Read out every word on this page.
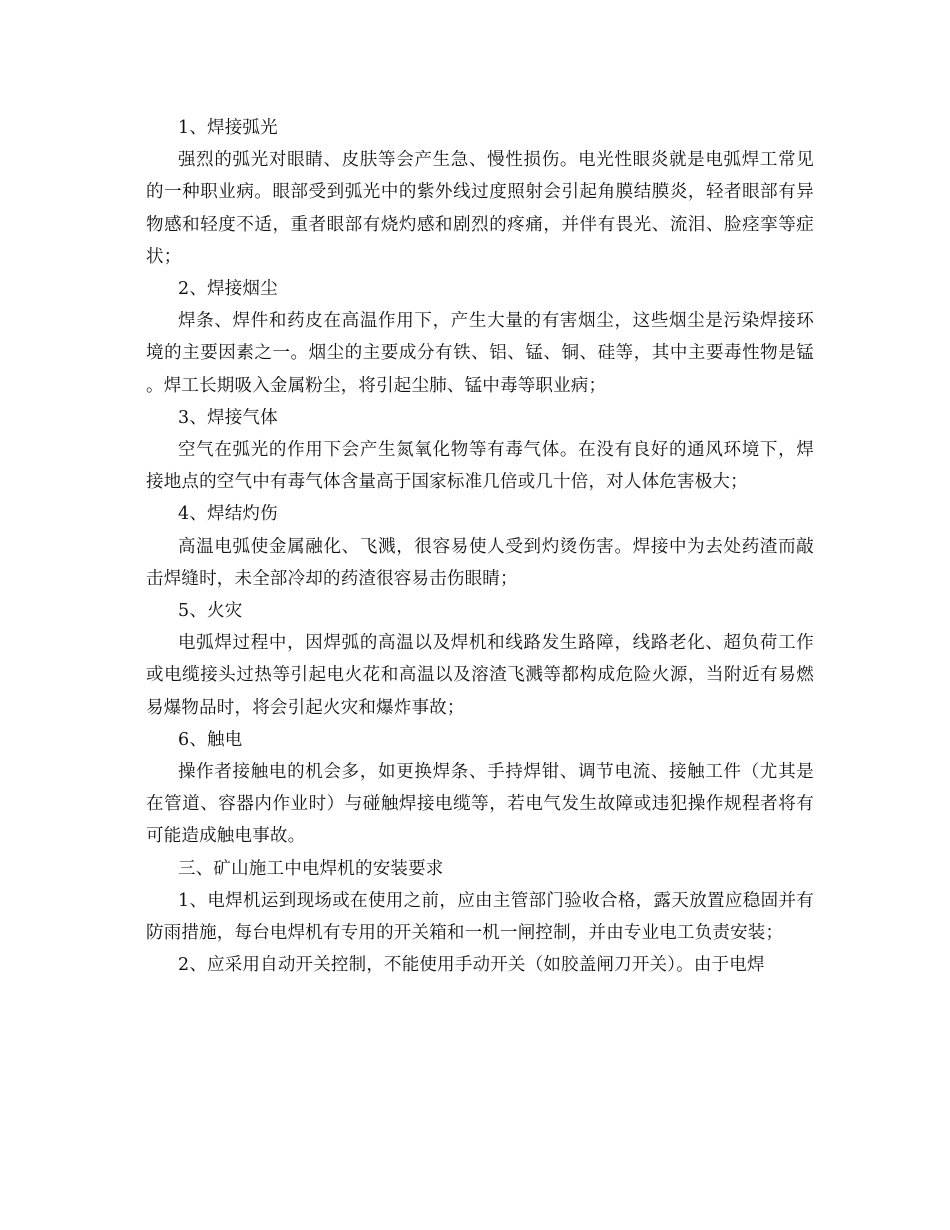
1、焊接弧光

强烈的弧光对眼睛、皮肤等会产生急、慢性损伤。电光性眼炎就是电弧焊工常见的一种职业病。眼部受到弧光中的紫外线过度照射会引起角膜结膜炎，轻者眼部有异物感和轻度不适，重者眼部有烧灼感和剧烈的疼痛，并伴有畏光、流泪、脸痉挛等症状；

2、焊接烟尘

焊条、焊件和药皮在高温作用下，产生大量的有害烟尘，这些烟尘是污染焊接环境的主要因素之一。烟尘的主要成分有铁、铝、锰、铜、硅等，其中主要毒性物是锰。焊工长期吸入金属粉尘，将引起尘肺、锰中毒等职业病；

3、焊接气体

空气在弧光的作用下会产生氮氧化物等有毒气体。在没有良好的通风环境下，焊接地点的空气中有毒气体含量高于国家标准几倍或几十倍，对人体危害极大；

4、焊结灼伤

高温电弧使金属融化、飞溅，很容易使人受到灼烫伤害。焊接中为去处药渣而敲击焊缝时，未全部冷却的药渣很容易击伤眼睛；

5、火灾

电弧焊过程中，因焊弧的高温以及焊机和线路发生路障，线路老化、超负荷工作或电缆接头过热等引起电火花和高温以及溶渣飞溅等都构成危险火源，当附近有易燃易爆物品时，将会引起火灾和爆炸事故；

6、触电

操作者接触电的机会多，如更换焊条、手持焊钳、调节电流、接触工件（尤其是在管道、容器内作业时）与碰触焊接电缆等，若电气发生故障或违犯操作规程者将有可能造成触电事故。

三、矿山施工中电焊机的安装要求

1、电焊机运到现场或在使用之前，应由主管部门验收合格，露天放置应稳固并有防雨措施，每台电焊机有专用的开关箱和一机一闸控制，并由专业电工负责安装；

2、应采用自动开关控制，不能使用手动开关（如胶盖闸刀开关）。由于电焊
